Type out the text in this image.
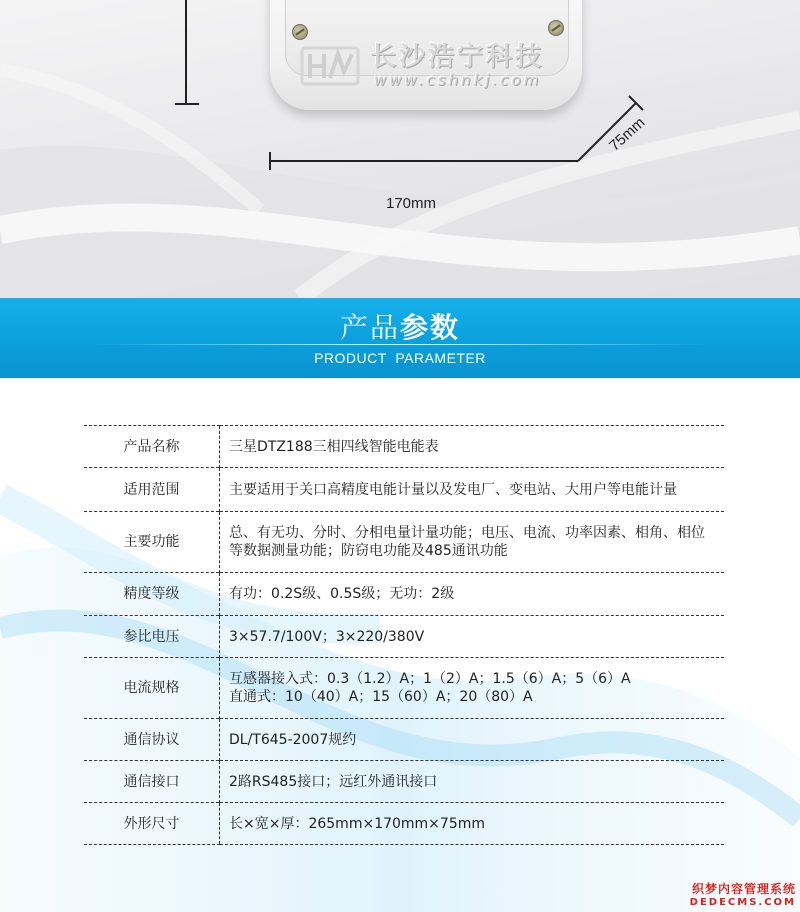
长沙浩宁科技
www.cshnkj.com
170mm
75mm
产品参数
PRODUCT  PARAMETER
产品名称	三星DTZ188三相四线智能电能表
适用范围	主要适用于关口高精度电能计量以及发电厂、变电站、大用户等电能计量
主要功能	总、有无功、分时、分相电量计量功能；电压、电流、功率因素、相角、相位等数据测量功能；防窃电功能及485通讯功能
精度等级	有功：0.2S级、0.5S级；无功：2级
参比电压	3×57.7/100V；3×220/380V
电流规格	互感器接入式：0.3（1.2）A；1（2）A；1.5（6）A；5（6）A
直通式：10（40）A；15（60）A；20（80）A

通信协议	DL/T645-2007规约
通信接口	2路RS485接口；远红外通讯接口
外形尺寸	长×宽×厚：265mm×170mm×75mm
织梦内容管理系统
DEDECMS.COM
